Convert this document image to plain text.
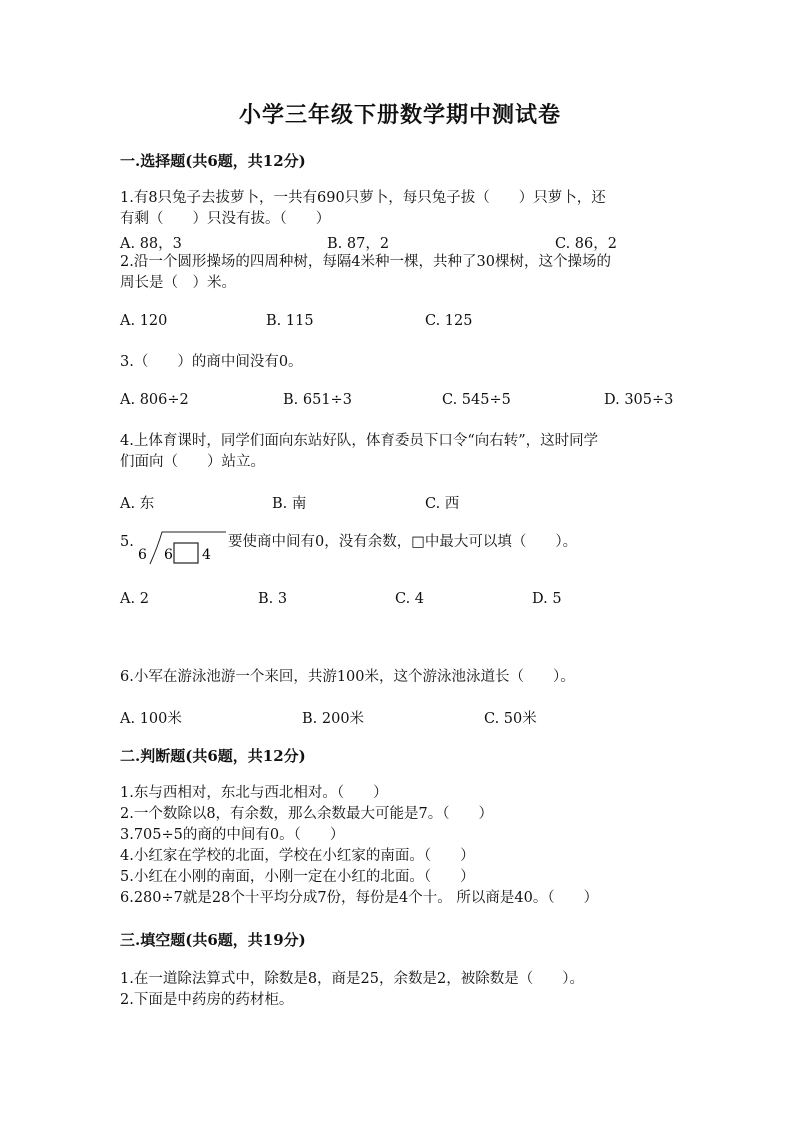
小学三年级下册数学期中测试卷
一.选择题(共6题，共12分)
1.有8只兔子去拔萝卜，一共有690只萝卜，每只兔子拔（　　）只萝卜，还
有剩（　　）只没有拔。（　　）
A. 88，3	B. 87，2	C. 86，2
2.沿一个圆形操场的四周种树，每隔4米种一棵，共种了30棵树，这个操场的
周长是（　）米。
A. 120	B. 115	C. 125
3.（　　）的商中间没有0。
A. 806÷2	B. 651÷3	C. 545÷5	D. 305÷3
4.上体育课时，同学们面向东站好队，体育委员下口令“向右转”，这时同学
们面向（　　）站立。
A. 东	B. 南	C. 西
5.
6 6 4
要使商中间有0，没有余数，□中最大可以填（　　）。
A. 2	B. 3	C. 4	D. 5
6.小军在游泳池游一个来回，共游100米，这个游泳池泳道长（　　）。
A. 100米	B. 200米	C. 50米
二.判断题(共6题，共12分)
1.东与西相对，东北与西北相对。（　　）
2.一个数除以8，有余数，那么余数最大可能是7。（　　）
3.705÷5的商的中间有0。（　　）
4.小红家在学校的北面，学校在小红家的南面。（　　）
5.小红在小刚的南面，小刚一定在小红的北面。（　　）
6.280÷7就是28个十平均分成7份，每份是4个十。 所以商是40。（　　）
三.填空题(共6题，共19分)
1.在一道除法算式中，除数是8，商是25，余数是2，被除数是（　　）。
2.下面是中药房的药材柜。
